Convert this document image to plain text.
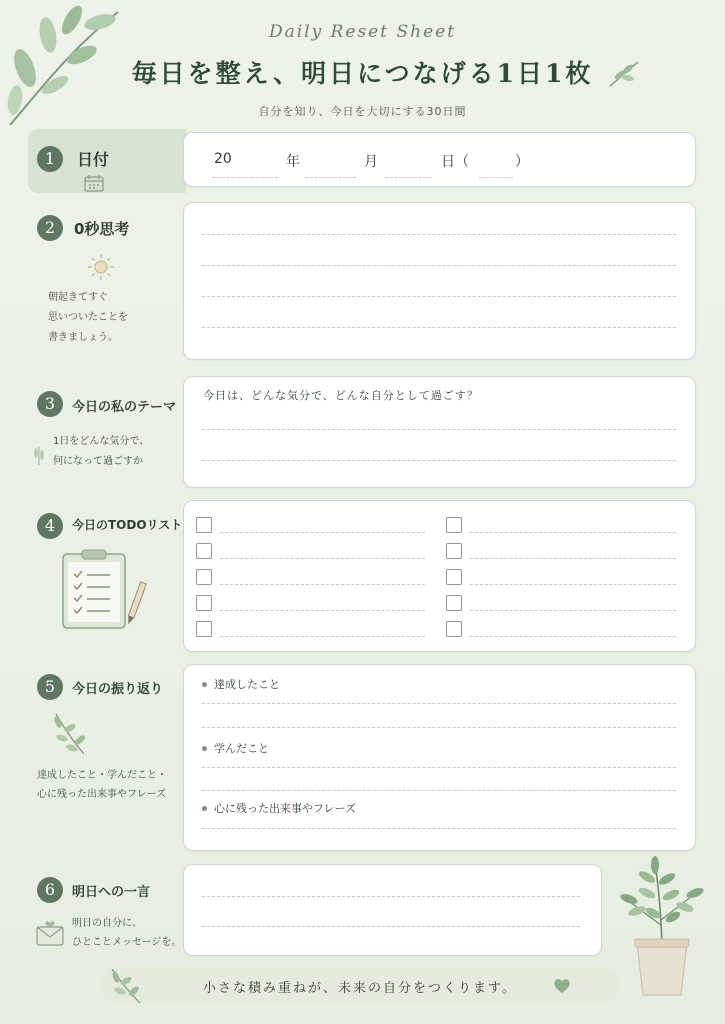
Daily Reset Sheet
毎日を整え、明日につなげる1日1枚
自分を知り、今日を大切にする30日間
1	日付	20	年	月	日（	）
2	0秒思考
朝起きてすぐ
思いついたことを
書きましょう。
3	今日の私のテーマ
1日をどんな気分で、
何になって過ごすか
今日は、どんな気分で、どんな自分として過ごす？
4	今日のTODOリスト
5	今日の振り返り
達成したこと・学んだこと・
心に残った出来事やフレーズ
達成したこと
学んだこと
心に残った出来事やフレーズ
6	明日への一言
明日の自分に、
ひとことメッセージを。
小さな積み重ねが、未来の自分をつくります。
